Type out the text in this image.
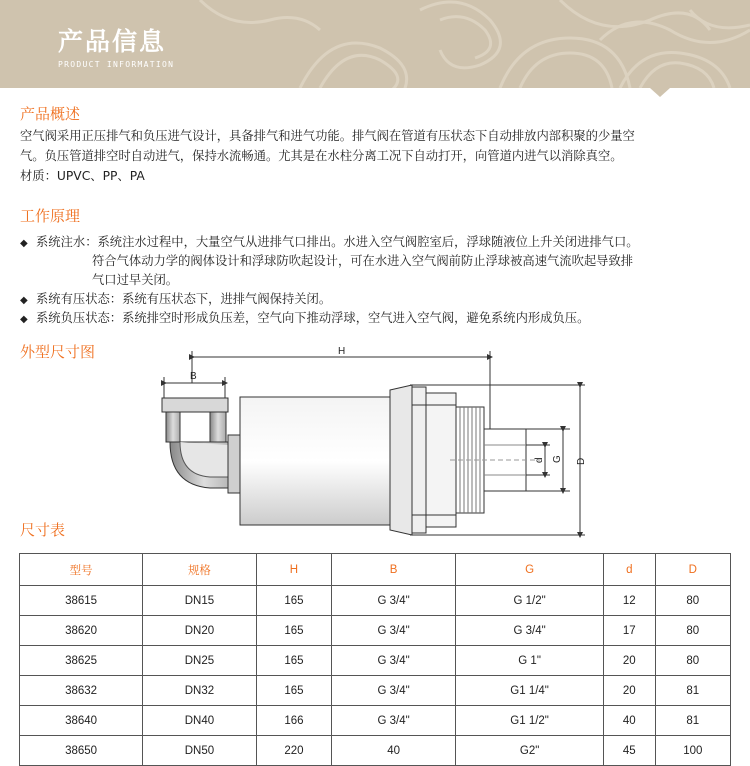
产品信息
PRODUCT INFORMATION
产品概述

空气阀采用正压排气和负压进气设计，具备排气和进气功能。排气阀在管道有压状态下自动排放内部积聚的少量空

气。负压管道排空时自动进气，保持水流畅通。尤其是在水柱分离工况下自动打开，向管道内进气以消除真空。

材质：UPVC、PP、PA

工作原理
◆ 系统注水：系统注水过程中，大量空气从进排气口排出。水进入空气阀腔室后，浮球随液位上升关闭进排气口。
符合气体动力学的阀体设计和浮球防吹起设计，可在水进入空气阀前防止浮球被高速气流吹起导致排
气口过早关闭。
◆ 系统有压状态：系统有压状态下，进排气阀保持关闭。
◆ 系统负压状态：系统排空时形成负压差，空气向下推动浮球，空气进入空气阀，避免系统内形成负压。
外型尺寸图	H
B
D
G
d
尺寸表
型号	规格	H	B	G	d	D
38615	DN15	165	G 3/4"	G 1/2"	12	80
38620	DN20	165	G 3/4"	G 3/4"	17	80
38625	DN25	165	G 3/4"	G 1"	20	80
38632	DN32	165	G 3/4"	G1 1/4"	20	81
38640	DN40	166	G 3/4"	G1 1/2"	40	81
38650	DN50	220	40	G2"	45	100
